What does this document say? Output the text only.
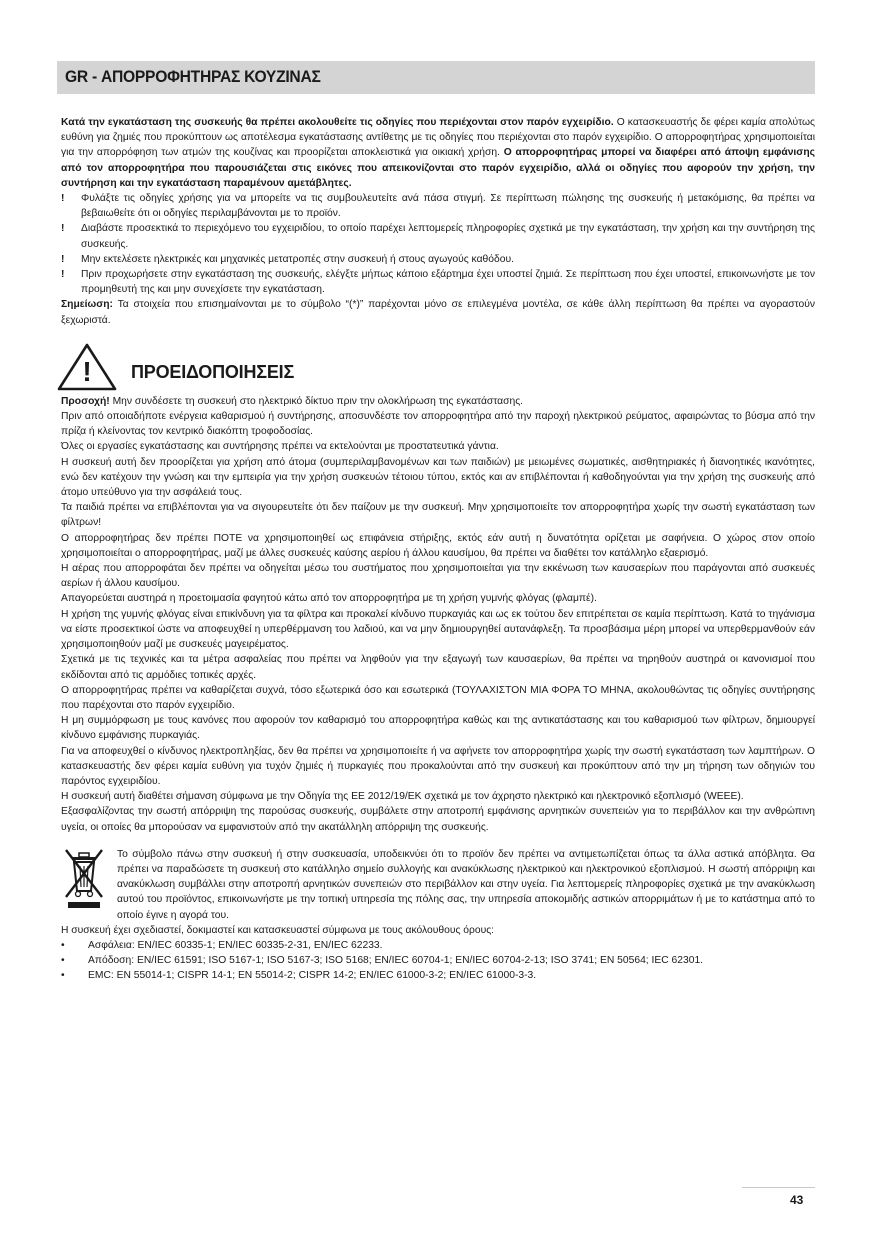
GR - ΑΠΟΡΡΟΦΗΤΗΡΑΣ ΚΟΥΖΙΝΑΣ

Κατά την εγκατάσταση της συσκευής θα πρέπει ακολουθείτε τις οδηγίες που περιέχονται στον παρόν εγχειρίδιο. Ο κατασκευαστής δε φέρει καμία απολύτως ευθύνη για ζημιές που προκύπτουν ως αποτέλεσμα εγκατάστασης αντίθετης με τις οδηγίες που περιέχονται στο παρόν εγχειρίδιο. Ο απορροφητήρας χρησιμοποιείται για την απορρόφηση των ατμών της κουζίνας και προορίζεται αποκλειστικά για οικιακή χρήση. Ο απορροφητήρας μπορεί να διαφέρει από άποψη εμφάνισης από τον απορροφητήρα που παρουσιάζεται στις εικόνες που απεικονίζονται στο παρόν εγχειρίδιο, αλλά οι οδηγίες που αφορούν την χρήση, την συντήρηση και την εγκατάσταση παραμένουν αμετάβλητες.

! Φυλάξτε τις οδηγίες χρήσης για να μπορείτε να τις συμβουλευτείτε ανά πάσα στιγμή. Σε περίπτωση πώλησης της συσκευής ή μετακόμισης, θα πρέπει να βεβαιωθείτε ότι οι οδηγίες περιλαμβάνονται με το προϊόν.
! Διαβάστε προσεκτικά το περιεχόμενο του εγχειριδίου, το οποίο παρέχει λεπτομερείς πληροφορίες σχετικά με την εγκατάσταση, την χρήση και την συντήρηση της συσκευής.
! Μην εκτελέσετε ηλεκτρικές και μηχανικές μετατροπές στην συσκευή ή στους αγωγούς καθόδου.
! Πριν προχωρήσετε στην εγκατάσταση της συσκευής, ελέγξτε μήπως κάποιο εξάρτημα έχει υποστεί ζημιά. Σε περίπτωση που έχει υποστεί, επικοινωνήστε με τον προμηθευτή της και μην συνεχίσετε την εγκατάσταση.

Σημείωση: Τα στοιχεία που επισημαίνονται με το σύμβολο “(*)” παρέχονται μόνο σε επιλεγμένα μοντέλα, σε κάθε άλλη περίπτωση θα πρέπει να αγοραστούν ξεχωριστά.

! ΠΡΟΕΙΔΟΠΟΙΗΣΕΙΣ

Προσοχή! Μην συνδέσετε τη συσκευή στο ηλεκτρικό δίκτυο πριν την ολοκλήρωση της εγκατάστασης.

Πριν από οποιαδήποτε ενέργεια καθαρισμού ή συντήρησης, αποσυνδέστε τον απορροφητήρα από την παροχή ηλεκτρικού ρεύματος, αφαιρώντας το βύσμα από την πρίζα ή κλείνοντας τον κεντρικό διακόπτη τροφοδοσίας.

Όλες οι εργασίες εγκατάστασης και συντήρησης πρέπει να εκτελούνται με προστατευτικά γάντια.

Η συσκευή αυτή δεν προορίζεται για χρήση από άτομα (συμπεριλαμβανομένων και των παιδιών) με μειωμένες σωματικές, αισθητηριακές ή διανοητικές ικανότητες, ενώ δεν κατέχουν την γνώση και την εμπειρία για την χρήση συσκευών τέτοιου τύπου, εκτός και αν επιβλέπονται ή καθοδηγούνται για την χρήση της συσκευής από άτομο υπεύθυνο για την ασφάλειά τους.

Τα παιδιά πρέπει να επιβλέπονται για να σιγουρευτείτε ότι δεν παίζουν με την συσκευή. Μην χρησιμοποιείτε τον απορροφητήρα χωρίς την σωστή εγκατάσταση των φίλτρων!

Ο απορροφητήρας δεν πρέπει ΠΟΤΕ να χρησιμοποιηθεί ως επιφάνεια στήριξης, εκτός εάν αυτή η δυνατότητα ορίζεται με σαφήνεια. Ο χώρος στον οποίο χρησιμοποιείται ο απορροφητήρας, μαζί με άλλες συσκευές καύσης αερίου ή άλλου καυσίμου, θα πρέπει να διαθέτει τον κατάλληλο εξαερισμό.

Η αέρας που απορροφάται δεν πρέπει να οδηγείται μέσω του συστήματος που χρησιμοποιείται για την εκκένωση των καυσαερίων που παράγονται από συσκευές αερίων ή άλλου καυσίμου.

Απαγορεύεται αυστηρά η προετοιμασία φαγητού κάτω από τον απορροφητήρα με τη χρήση γυμνής φλόγας (φλαμπέ).

Η χρήση της γυμνής φλόγας είναι επικίνδυνη για τα φίλτρα και προκαλεί κίνδυνο πυρκαγιάς και ως εκ τούτου δεν επιτρέπεται σε καμία περίπτωση. Κατά το τηγάνισμα να είστε προσεκτικοί ώστε να αποφευχθεί η υπερθέρμανση του λαδιού, και να μην δημιουργηθεί αυτανάφλεξη. Τα προσβάσιμα μέρη μπορεί να υπερθερμανθούν εάν χρησιμοποιηθούν μαζί με συσκευές μαγειρέματος.

Σχετικά με τις τεχνικές και τα μέτρα ασφαλείας που πρέπει να ληφθούν για την εξαγωγή των καυσαερίων, θα πρέπει να τηρηθούν αυστηρά οι κανονισμοί που εκδίδονται από τις αρμόδιες τοπικές αρχές.

Ο απορροφητήρας πρέπει να καθαρίζεται συχνά, τόσο εξωτερικά όσο και εσωτερικά (ΤΟΥΛΑΧΙΣΤΟΝ ΜΙΑ ΦΟΡΑ ΤΟ ΜΗΝΑ, ακολουθώντας τις οδηγίες συντήρησης που παρέχονται στο παρόν εγχειρίδιο.

Η μη συμμόρφωση με τους κανόνες που αφορούν τον καθαρισμό του απορροφητήρα καθώς και της αντικατάστασης και του καθαρισμού των φίλτρων, δημιουργεί κίνδυνο εμφάνισης πυρκαγιάς.

Για να αποφευχθεί ο κίνδυνος ηλεκτροπληξίας, δεν θα πρέπει να χρησιμοποιείτε ή να αφήνετε τον απορροφητήρα χωρίς την σωστή εγκατάσταση των λαμπτήρων. Ο κατασκευαστής δεν φέρει καμία ευθύνη για τυχόν ζημιές ή πυρκαγιές που προκαλούνται από την συσκευή και προκύπτουν από την μη τήρηση των οδηγιών του παρόντος εγχειριδίου.

Η συσκευή αυτή διαθέτει σήμανση σύμφωνα με την Οδηγία της ΕΕ 2012/19/ΕΚ σχετικά με τον άχρηστο ηλεκτρικό και ηλεκτρονικό εξοπλισμό (WEEE).

Εξασφαλίζοντας την σωστή απόρριψη της παρούσας συσκευής, συμβάλετε στην αποτροπή εμφάνισης αρνητικών συνεπειών για το περιβάλλον και την ανθρώπινη υγεία, οι οποίες θα μπορούσαν να εμφανιστούν από την ακατάλληλη απόρριψη της συσκευής.

Το σύμβολο πάνω στην συσκευή ή στην συσκευασία, υποδεικνύει ότι το προϊόν δεν πρέπει να αντιμετωπίζεται όπως τα άλλα αστικά απόβλητα. Θα πρέπει να παραδώσετε τη συσκευή στο κατάλληλο σημείο συλλογής και ανακύκλωσης ηλεκτρικού και ηλεκτρονικού εξοπλισμού. Η σωστή απόρριψη και ανακύκλωση συμβάλλει στην αποτροπή αρνητικών συνεπειών στο περιβάλλον και στην υγεία. Για λεπτομερείς πληροφορίες σχετικά με την ανακύκλωση αυτού του προϊόντος, επικοινωνήστε με την τοπική υπηρεσία της πόλης σας, την υπηρεσία αποκομιδής αστικών απορριμάτων ή με το κατάστημα από το οποίο έγινε η αγορά του.

Η συσκευή έχει σχεδιαστεί, δοκιμαστεί και κατασκευαστεί σύμφωνα με τους ακόλουθους όρους:

• Ασφάλεια: EN/IEC 60335-1; EN/IEC 60335-2-31, EN/IEC 62233.
• Απόδοση: EN/IEC 61591; ISO 5167-1; ISO 5167-3; ISO 5168; EN/IEC 60704-1; EN/IEC 60704-2-13; ISO 3741; EN 50564; IEC 62301.
• EMC: EN 55014-1; CISPR 14-1; EN 55014-2; CISPR 14-2; EN/IEC 61000-3-2; EN/IEC 61000-3-3.
43
